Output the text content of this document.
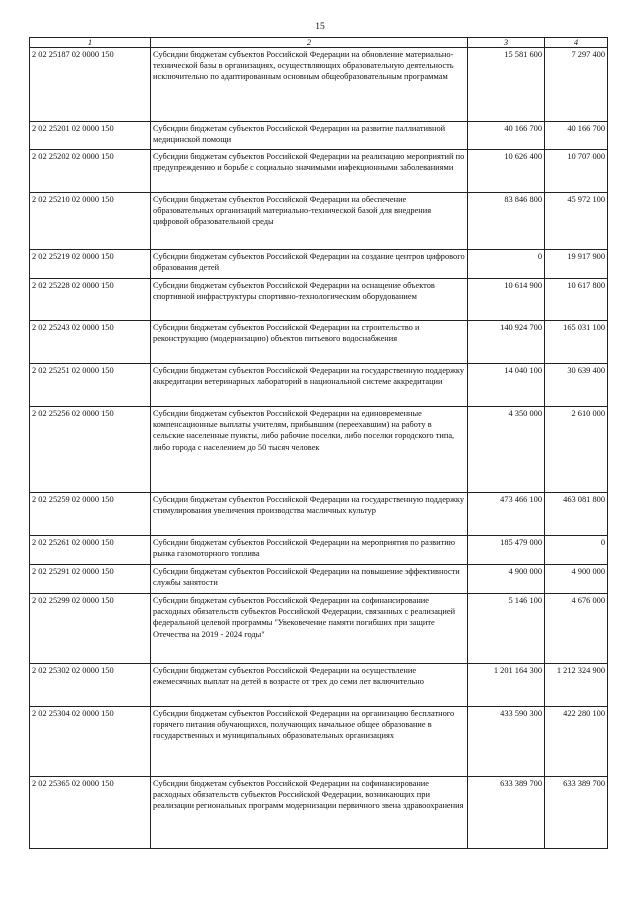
15
1	2	3	4
2 02 25187 02 0000 150	Субсидии бюджетам субъектов Российской Федерации на обновление материально-технической базы в организациях, осуществляющих образовательную деятельность исключительно по адаптированным основным общеобразовательным программам	15 581 600	7 297 400
2 02 25201 02 0000 150	Субсидии бюджетам субъектов Российской Федерации на развитие паллиативной медицинской помощи	40 166 700	40 166 700
2 02 25202 02 0000 150	Субсидии бюджетам субъектов Российской Федерации на реализацию мероприятий по предупреждению и борьбе с социально значимыми инфекционными заболеваниями	10 626 400	10 707 000
2 02 25210 02 0000 150	Субсидии бюджетам субъектов Российской Федерации на обеспечение образовательных организаций материально-технической базой для внедрения цифровой образовательной среды	83 846 800	45 972 100
2 02 25219 02 0000 150	Субсидии бюджетам субъектов Российской Федерации на создание центров цифрового образования детей	0	19 917 900
2 02 25228 02 0000 150	Субсидии бюджетам субъектов Российской Федерации на оснащение объектов спортивной инфраструктуры спортивно-технологическим оборудованием	10 614 900	10 617 800
2 02 25243 02 0000 150	Субсидии бюджетам субъектов Российской Федерации на строительство и реконструкцию (модернизацию) объектов питьевого водоснабжения	140 924 700	165 031 100
2 02 25251 02 0000 150	Субсидии бюджетам субъектов Российской Федерации на государственную поддержку аккредитации ветеринарных лабораторий в национальной системе аккредитации	14 040 100	30 639 400
2 02 25256 02 0000 150	Субсидии бюджетам субъектов Российской Федерации на единовременные компенсационные выплаты учителям, прибывшим (переехавшим) на работу в сельские населенные пункты, либо рабочие поселки, либо поселки городского типа, либо города с населением до 50 тысяч человек	4 350 000	2 610 000
2 02 25259 02 0000 150	Субсидии бюджетам субъектов Российской Федерации на государственную поддержку стимулирования увеличения производства масличных культур	473 466 100	463 081 800
2 02 25261 02 0000 150	Субсидии бюджетам субъектов Российской Федерации на мероприятия по развитию рынка газомоторного топлива	185 479 000	0
2 02 25291 02 0000 150	Субсидии бюджетам субъектов Российской Федерации на повышение эффективности службы занятости	4 900 000	4 900 000
2 02 25299 02 0000 150	Субсидии бюджетам субъектов Российской Федерации на софинансирование расходных обязательств субъектов Российской Федерации, связанных с реализацией федеральной целевой программы "Увековечение памяти погибших при защите Отечества на 2019 - 2024 годы"	5 146 100	4 676 000
2 02 25302 02 0000 150	Субсидии бюджетам субъектов Российской Федерации на осуществление ежемесячных выплат на детей в возрасте от трех до семи лет включительно	1 201 164 300	1 212 324 900
2 02 25304 02 0000 150	Субсидии бюджетам субъектов Российской Федерации на организацию бесплатного горячего питания обучающихся, получающих начальное общее образование в государственных и муниципальных образовательных организациях	433 590 300	422 280 100
2 02 25365 02 0000 150	Субсидии бюджетам субъектов Российской Федерации на софинансирование расходных обязательств субъектов Российской Федерации, возникающих при реализации региональных программ модернизации первичного звена здравоохранения	633 389 700	633 389 700
